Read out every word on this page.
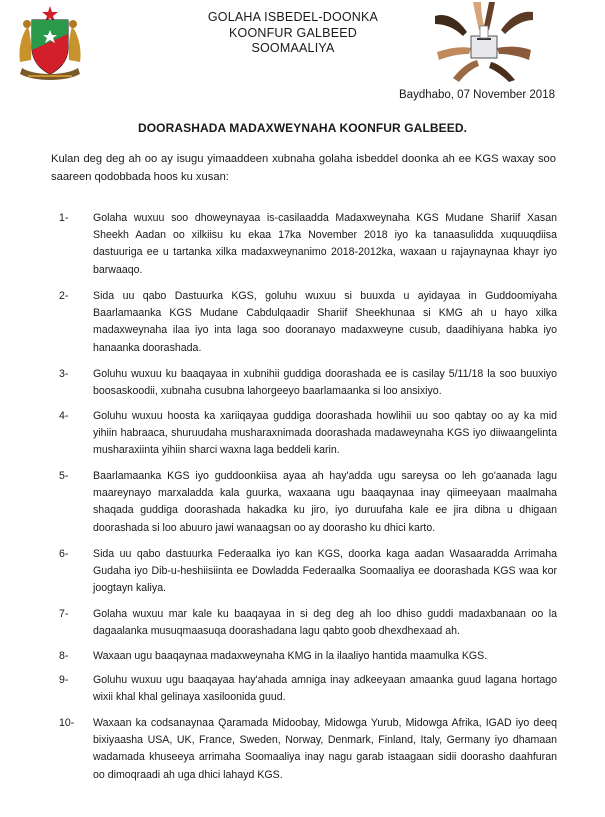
GOLAHA ISBEDEL-DOONKA
KOONFUR GALBEED
SOOMAALIYA
Baydhabo, 07 November 2018
DOORASHADA MADAXWEYNAHA KOONFUR GALBEED.
Kulan deg deg ah oo ay isugu yimaaddeen xubnaha golaha isbeddel doonka ah ee KGS waxay soo saareen qodobbada hoos ku xusan:
1- Golaha wuxuu soo dhoweynayaa is-casilaadda Madaxweynaha KGS Mudane Shariif Xasan Sheekh Aadan oo xilkiisu ku ekaa 17ka November 2018 iyo ka tanaasulidda xuquuqdiisa dastuuriga ee u tartanka xilka madaxweynanimo 2018-2012ka, waxaan u rajaynaynaa khayr iyo barwaaqo.
2- Sida uu qabo Dastuurka KGS, goluhu wuxuu si buuxda u ayidayaa in Guddoomiyaha Baarlamaanka KGS Mudane Cabdulqaadir Shariif Sheekhunaa si KMG ah u hayo xilka madaxweynaha ilaa iyo inta laga soo dooranayo madaxweyne cusub, daadihiyana habka iyo hanaanka doorashada.
3- Goluhu wuxuu ku baaqayaa in xubnihii guddiga doorashada ee is casilay 5/11/18 la soo buuxiyo boosaskoodii, xubnaha cusubna lahorgeeyo baarlamaanka si loo ansixiyo.
4- Goluhu wuxuu hoosta ka xariiqayaa guddiga doorashada howlihii uu soo qabtay oo ay ka mid yihiin habraaca, shuruudaha musharaxnimada doorashada madaweynaha KGS iyo diiwaangelinta musharaxiinta yihiin sharci waxna laga beddeli karin.
5- Baarlamaanka KGS iyo guddoonkiisa ayaa ah hay'adda ugu sareysa oo leh go'aanada lagu maareynayo marxaladda kala guurka, waxaana ugu baaqaynaa inay qiimeeyaan maalmaha shaqada guddiga doorashada hakadka ku jiro, iyo duruufaha kale ee jira dibna u dhigaan doorashada si loo abuuro jawi wanaagsan oo ay doorasho ku dhici karto.
6- Sida uu qabo dastuurka Federaalka iyo kan KGS, doorka kaga aadan Wasaaradda Arrimaha Gudaha iyo Dib-u-heshiisiinta ee Dowladda Federaalka Soomaaliya ee doorashada KGS waa kor joogtayn kaliya.
7- Golaha wuxuu mar kale ku baaqayaa in si deg deg ah loo dhiso guddi madaxbanaan oo la dagaalanka musuqmaasuqa doorashadana lagu qabto goob dhexdhexaad ah.
8- Waxaan ugu baaqaynaa madaxweynaha KMG in la ilaaliyo hantida maamulka KGS.
9- Goluhu wuxuu ugu baaqayaa hay'ahada amniga inay adkeeyaan amaanka guud lagana hortago wixii khal khal gelinaya xasiloonida guud.
10- Waxaan ka codsanaynaa Qaramada Midoobay, Midowga Yurub, Midowga Afrika, IGAD iyo deeq bixiyaasha USA, UK, France, Sweden, Norway, Denmark, Finland, Italy, Germany iyo dhamaan wadamada khuseeya arrimaha Soomaaliya inay nagu garab istaagaan sidii doorasho daahfuran oo dimoqraadi ah uga dhici lahayd KGS.
